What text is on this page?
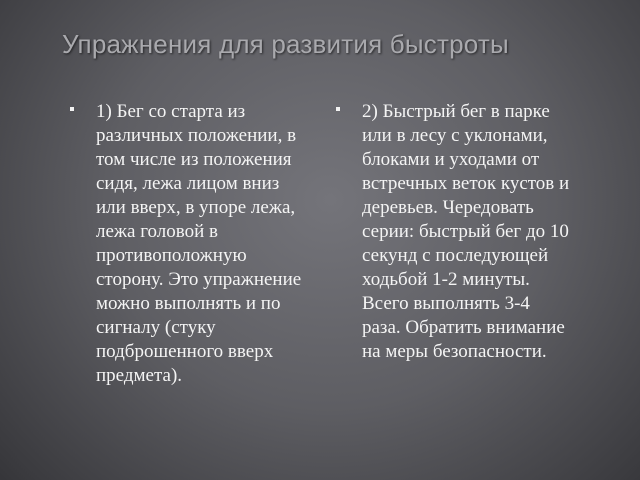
Упражнения для развития быстроты
1) Бег со старта из
различных положении, в
том числе из положения
сидя, лежа лицом вниз
или вверх, в упоре лежа,
лежа головой в
противоположную
сторону. Это упражнение
можно выполнять и по
сигналу (стуку
подброшенного вверх
предмета).
2) Быстрый бег в парке
или в лесу с уклонами,
блоками и уходами от
встречных веток кустов и
деревьев. Чередовать
серии: быстрый бег до 10
секунд с последующей
ходьбой 1-2 минуты.
Всего выполнять 3-4
раза. Обратить внимание
на меры безопасности.
